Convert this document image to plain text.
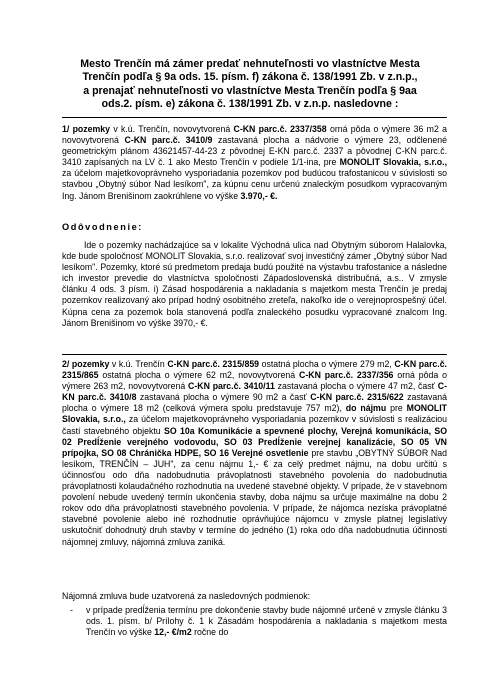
Mesto Trenčín má zámer predať nehnuteľnosti vo vlastníctve Mesta
Trenčín podľa § 9a ods. 15. písm. f) zákona č. 138/1991 Zb. v z.n.p.,
a prenajať nehnuteľnosti vo vlastníctve Mesta Trenčín podľa § 9aa
ods.2. písm. e) zákona č. 138/1991 Zb. v z.n.p. nasledovne :
1/ pozemky v k.ú. Trenčín, novovytvorená C-KN parc.č. 2337/358 orná pôda o výmere 36 m2 a novovytvorená C-KN parc.č. 3410/9 zastavaná plocha a nádvorie o výmere 23, odčlenené geometrickým plánom 43621457-44-23 z pôvodnej E-KN parc.č. 2337 a pôvodnej C-KN parc.č. 3410 zapísaných na LV č. 1 ako Mesto Trenčín v podiele 1/1-ina, pre MONOLIT Slovakia, s.r.o., za účelom majetkovoprávneho vysporiadania pozemkov pod budúcou trafostanicou v súvislosti so stavbou „Obytný súbor Nad lesíkom", za kúpnu cenu určenú znaleckým posudkom vypracovaným Ing. Jánom Brenišinom zaokrúhlene vo výške 3.970,- €.
Odôvodnenie:
Ide o pozemky nachádzajúce sa v lokalite Východná ulica nad Obytným súborom Halalovka, kde bude spoločnosť MONOLIT Slovakia, s.r.o. realizovať svoj investičný zámer „Obytný súbor Nad lesíkom". Pozemky, ktoré sú predmetom predaja budú použité na výstavbu trafostanice a následne ich investor prevedie do vlastníctva spoločnosti Západoslovenská distribučná, a.s.. V zmysle článku 4 ods. 3 písm. i) Zásad hospodárenia a nakladania s majetkom mesta Trenčín je predaj pozemkov realizovaný ako prípad hodný osobitného zreteľa, nakoľko ide o verejnoprospešný účel. Kúpna cena za pozemok bola stanovená podľa znaleckého posudku vypracované znalcom Ing. Jánom Brenišinom vo výške 3970,- €.
2/ pozemky v k.ú. Trenčín C-KN parc.č. 2315/859 ostatná plocha o výmere 279 m2, C-KN parc.č. 2315/865 ostatná plocha o výmere 62 m2, novovytvorená C-KN parc.č. 2337/356 orná pôda o výmere 263 m2, novovytvorená C-KN parc.č. 3410/11 zastavaná plocha o výmere 47 m2, časť C-KN parc.č. 3410/8 zastavaná plocha o výmere 90 m2 a časť C-KN parc.č. 2315/622 zastavaná plocha o výmere 18 m2 (celková výmera spolu predstavuje 757 m2), do nájmu pre MONOLIT Slovakia, s.r.o., za účelom majetkovoprávneho vysporiadania pozemkov v súvislosti s realizáciou častí stavebného objektu SO 10a Komunikácie a spevnené plochy, Verejná komunikácia, SO 02 Predĺženie verejného vodovodu, SO 03 Predĺženie verejnej kanalizácie, SO 05 VN prípojka, SO 08 Chránička HDPE, SO 16 Verejné osvetlenie pre stavbu „OBYTNÝ SÚBOR Nad lesíkom, TRENČÍN – JUH", za cenu nájmu 1,- € za celý predmet nájmu, na dobu určitú s účinnosťou odo dňa nadobudnutia právoplatnosti stavebného povolenia do nadobudnutia právoplatnosti kolaudačného rozhodnutia na uvedené stavebné objekty. V prípade, že v stavebnom povolení nebude uvedený termín ukončenia stavby, doba nájmu sa určuje maximálne na dobu 2 rokov odo dňa právoplatnosti stavebného povolenia. V prípade, že nájomca nezíska právoplatné stavebné povolenie alebo iné rozhodnutie oprávňujúce nájomcu v zmysle platnej legislatívy uskutočniť dohodnutý druh stavby v termíne do jedného (1) roka odo dňa nadobudnutia účinnosti nájomnej zmluvy, nájomná zmluva zaniká.
Nájomná zmluva bude uzatvorená za nasledovných podmienok:
-	v prípade predĺženia termínu pre dokončenie stavby bude nájomné určené v zmysle článku 3 ods. 1. písm. b/ Prílohy č. 1 k Zásadám hospodárenia a nakladania s majetkom mesta Trenčín vo výške 12,- €/m2 ročne do
